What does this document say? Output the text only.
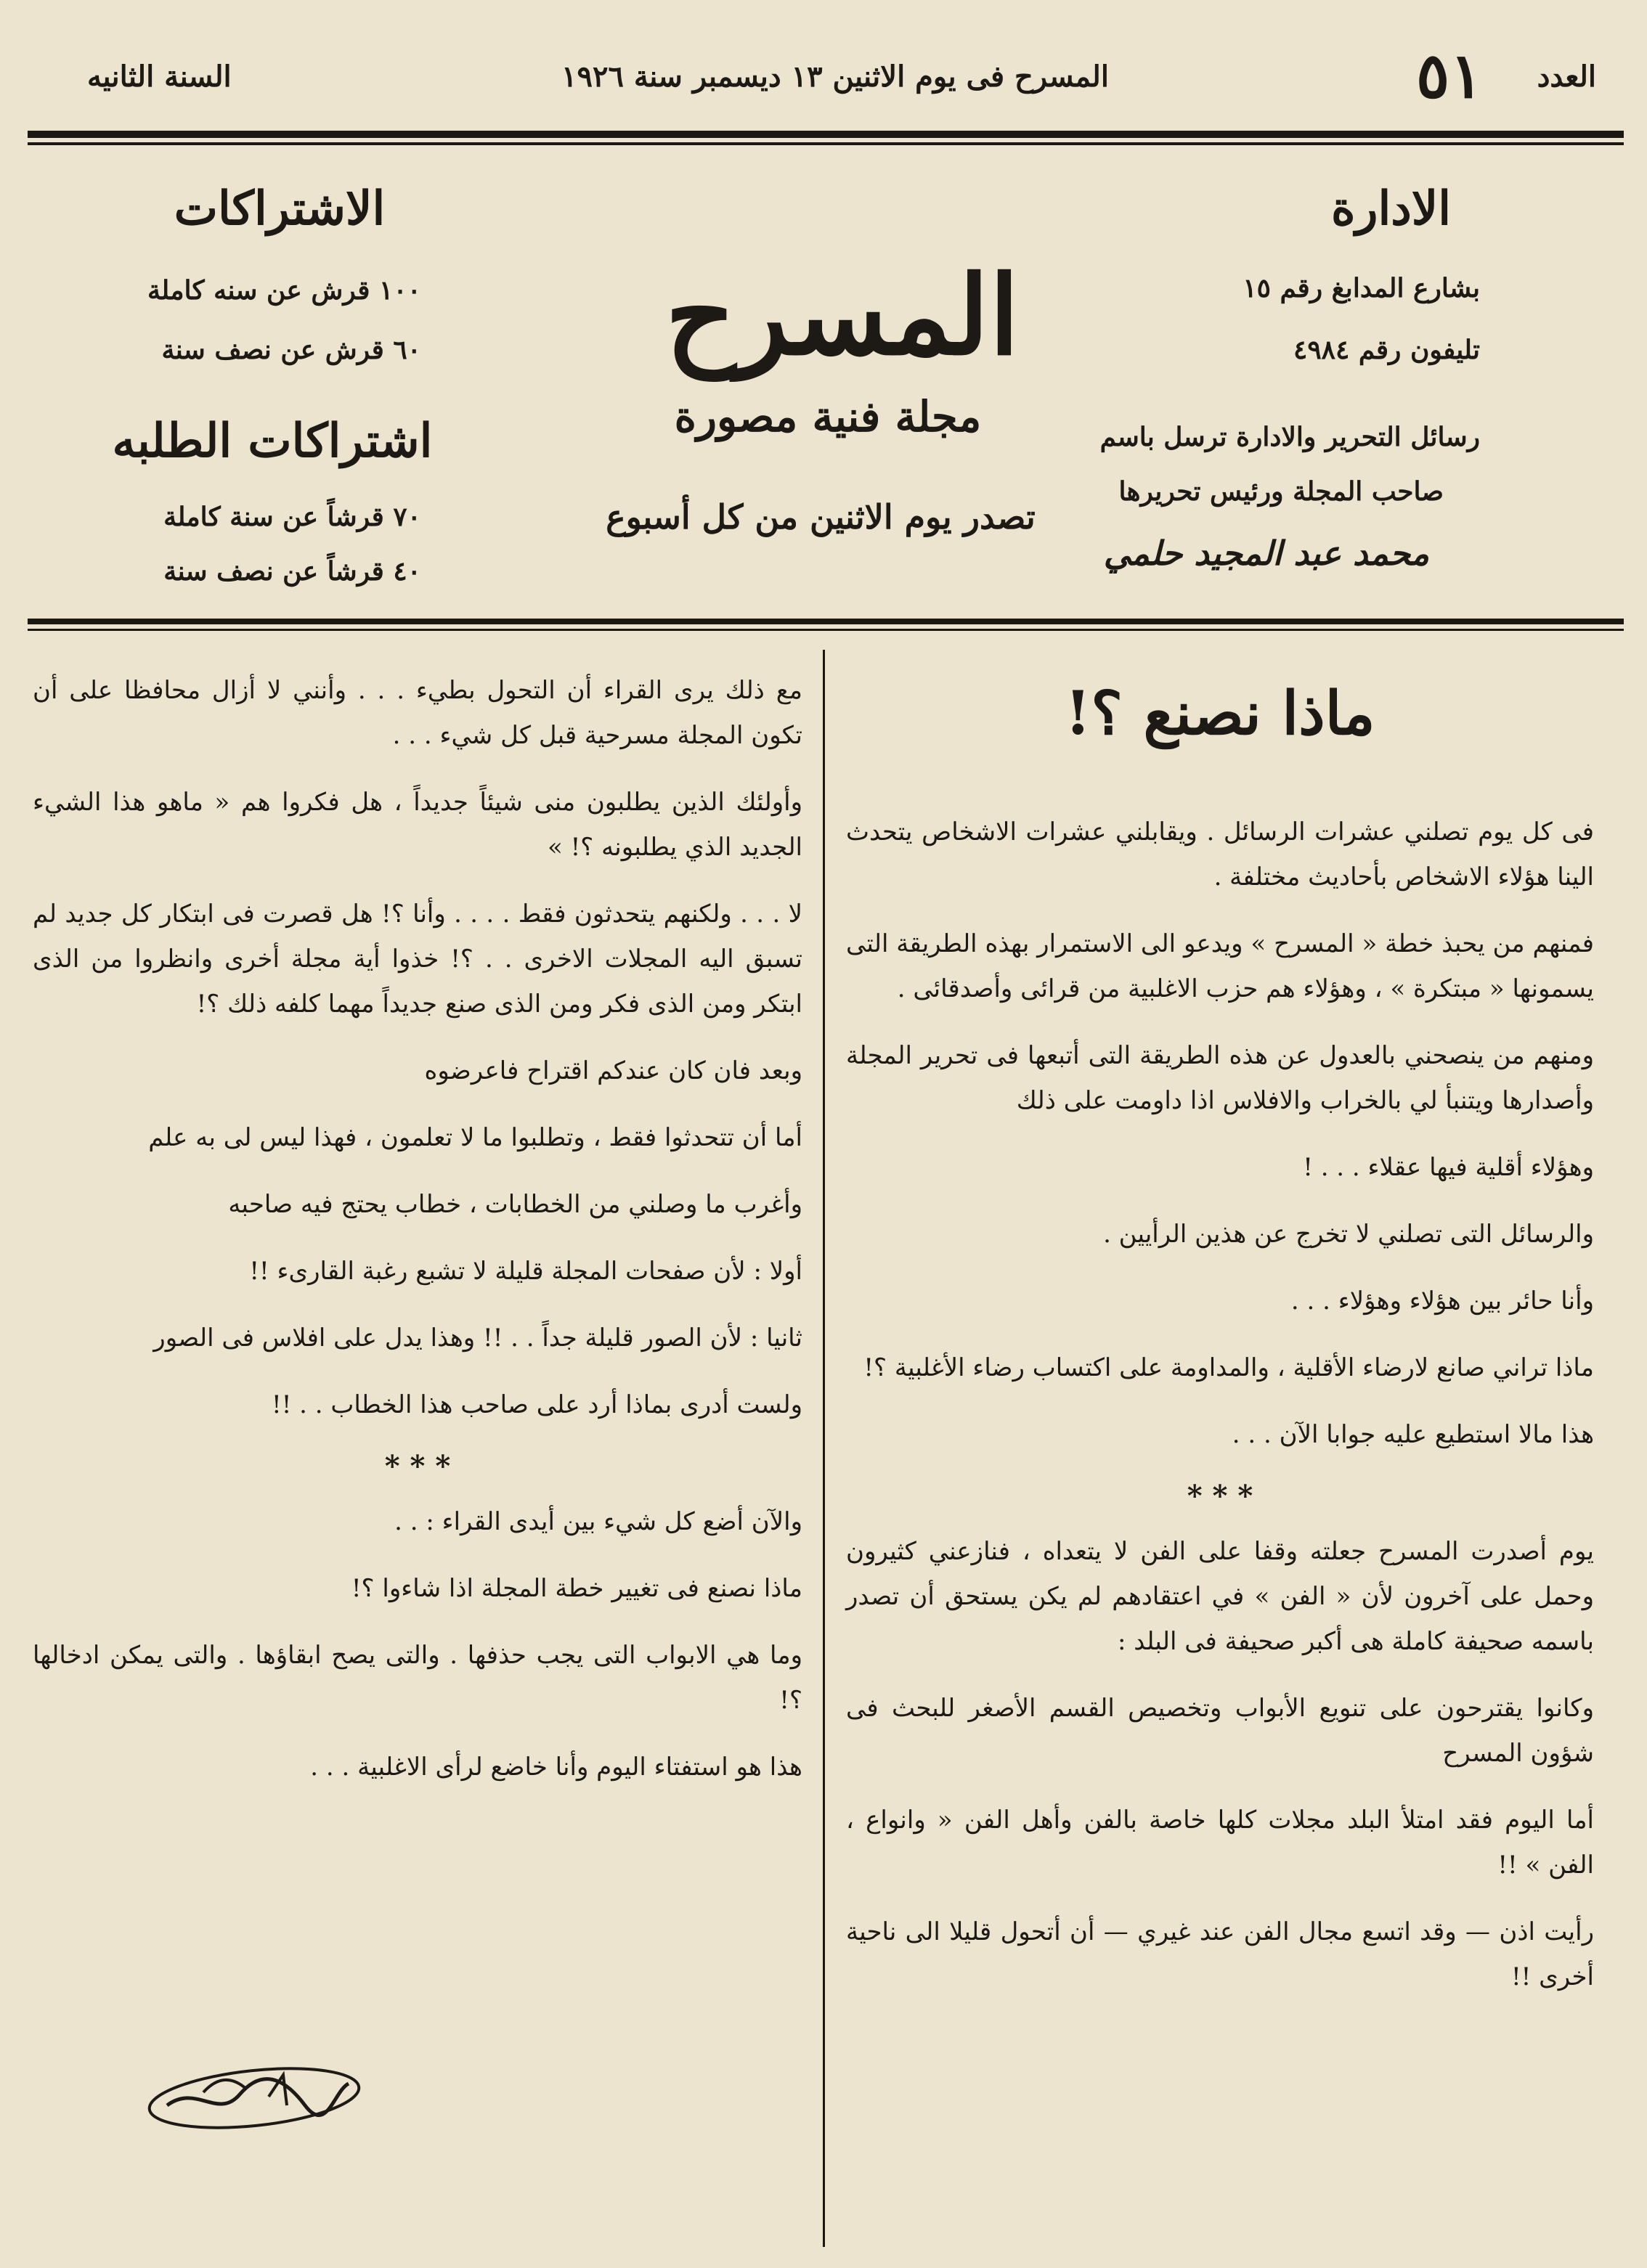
العدد
٥١
المسرح فى يوم الاثنين ١٣ ديسمبر سنة ١٩٢٦
السنة الثانيه
الادارة
بشارع المدابغ رقم ١٥
تليفون رقم ٤٩٨٤
رسائل التحرير والادارة ترسل باسم
صاحب المجلة ورئيس تحريرها
محمد عبد المجيد حلمي
المسرح
مجلة فنية مصورة
تصدر يوم الاثنين من كل أسبوع
الاشتراكات
١٠٠ قرش عن سنه كاملة
٦٠ قرش عن نصف سنة
اشتراكات الطلبه
٧٠ قرشاً عن سنة كاملة
٤٠ قرشاً عن نصف سنة
ماذا نصنع ؟!

فى كل يوم تصلني عشرات الرسائل . ويقابلني عشرات الاشخاص يتحدث الينا هؤلاء الاشخاص بأحاديث مختلفة .

فمنهم من يحبذ خطة « المسرح » ويدعو الى الاستمرار بهذه الطريقة التى يسمونها « مبتكرة » ، وهؤلاء هم حزب الاغلبية من قرائى وأصدقائى .

ومنهم من ينصحني بالعدول عن هذه الطريقة التى أتبعها فى تحرير المجلة وأصدارها ويتنبأ لي بالخراب والافلاس اذا داومت على ذلك

وهؤلاء أقلية فيها عقلاء . . . !

والرسائل التى تصلني لا تخرج عن هذين الرأيين .

وأنا حائر بين هؤلاء وهؤلاء . . .

ماذا تراني صانع لارضاء الأقلية ، والمداومة على اكتساب رضاء الأغلبية ؟!

هذا مالا استطيع عليه جوابا الآن . . .

* * *

يوم أصدرت المسرح جعلته وقفا على الفن لا يتعداه ، فنازعني كثيرون وحمل على آخرون لأن « الفن » في اعتقادهم لم يكن يستحق أن تصدر باسمه صحيفة كاملة هى أكبر صحيفة فى البلد :

وكانوا يقترحون على تنويع الأبواب وتخصيص القسم الأصغر للبحث فى شؤون المسرح

أما اليوم فقد امتلأ البلد مجلات كلها خاصة بالفن وأهل الفن « وانواع ، الفن » !!

رأيت اذن — وقد اتسع مجال الفن عند غيري — أن أتحول قليلا الى ناحية أخرى !!

مع ذلك يرى القراء أن التحول بطيء . . . وأنني لا أزال محافظا على أن تكون المجلة مسرحية قبل كل شيء . . .

وأولئك الذين يطلبون منى شيئاً جديداً ، هل فكروا هم « ماهو هذا الشيء الجديد الذي يطلبونه ؟! »

لا . . . ولكنهم يتحدثون فقط . . . . وأنا ؟! هل قصرت فى ابتكار كل جديد لم تسبق اليه المجلات الاخرى . . ؟! خذوا أية مجلة أخرى وانظروا من الذى ابتكر ومن الذى فكر ومن الذى صنع جديداً مهما كلفه ذلك ؟!

وبعد فان كان عندكم اقتراح فاعرضوه

أما أن تتحدثوا فقط ، وتطلبوا ما لا تعلمون ، فهذا ليس لى به علم

وأغرب ما وصلني من الخطابات ، خطاب يحتج فيه صاحبه

أولا : لأن صفحات المجلة قليلة لا تشبع رغبة القارىء !!

ثانيا : لأن الصور قليلة جداً . . !! وهذا يدل على افلاس فى الصور

ولست أدرى بماذا أرد على صاحب هذا الخطاب . . !!

* * *

والآن أضع كل شيء بين أيدى القراء : . .

ماذا نصنع فى تغيير خطة المجلة اذا شاءوا ؟!

وما هي الابواب التى يجب حذفها . والتى يصح ابقاؤها . والتى يمكن ادخالها ؟!

هذا هو استفتاء اليوم وأنا خاضع لرأى الاغلبية . . .
